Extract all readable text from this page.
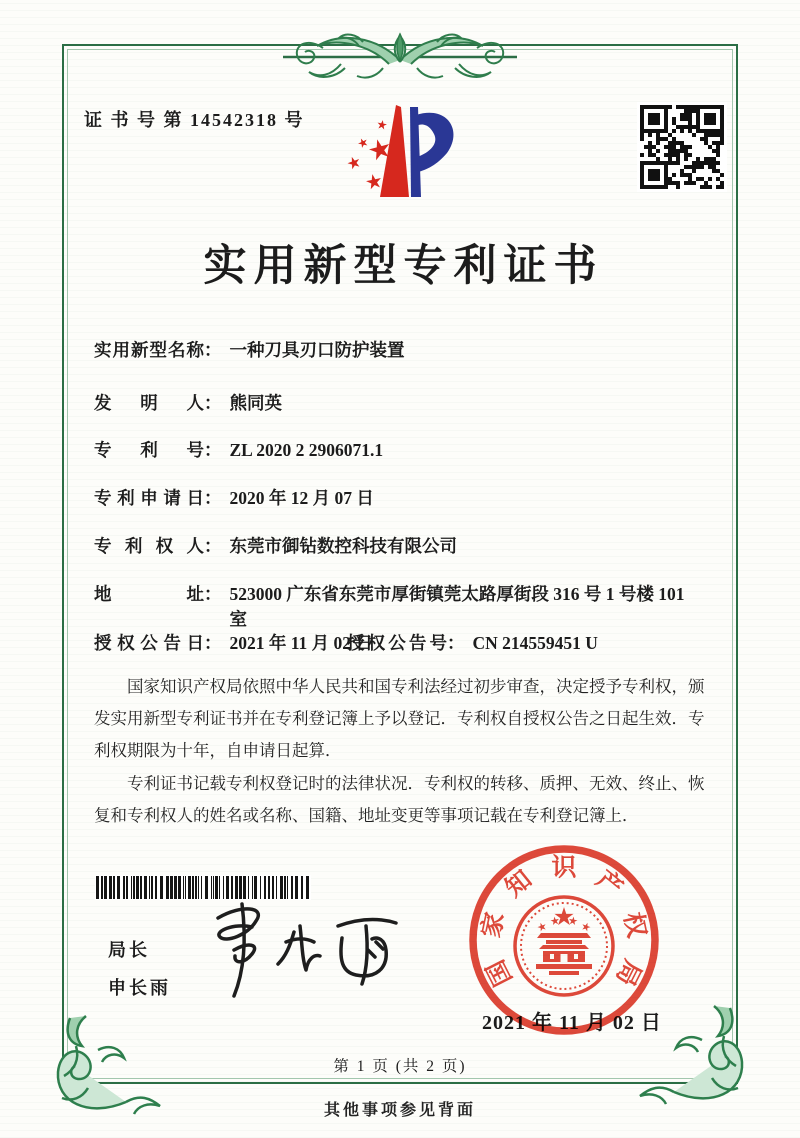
证 书 号 第 14542318 号
实用新型专利证书
实用新型名称： 一种刀具刃口防护装置
发明人： 熊同英
专利号： ZL 2020 2 2906071.1
专利申请日： 2020 年 12 月 07 日
专利权人： 东莞市御钻数控科技有限公司
地址： 523000 广东省东莞市厚街镇莞太路厚街段 316 号 1 号楼 101 室
授权公告日： 2021 年 11 月 02 日
授权公告号： CN 214559451 U

国家知识产权局依照中华人民共和国专利法经过初步审查，决定授予专利权，颁发实用新型专利证书并在专利登记簿上予以登记．专利权自授权公告之日起生效．专利权期限为十年，自申请日起算．

专利证书记载专利权登记时的法律状况．专利权的转移、质押、无效、终止、恢复和专利权人的姓名或名称、国籍、地址变更等事项记载在专利登记簿上．

局长
申长雨
2021 年 11 月 02 日
国
家
知 识 产
权
局
第 1 页 (共 2 页)
其他事项参见背面
